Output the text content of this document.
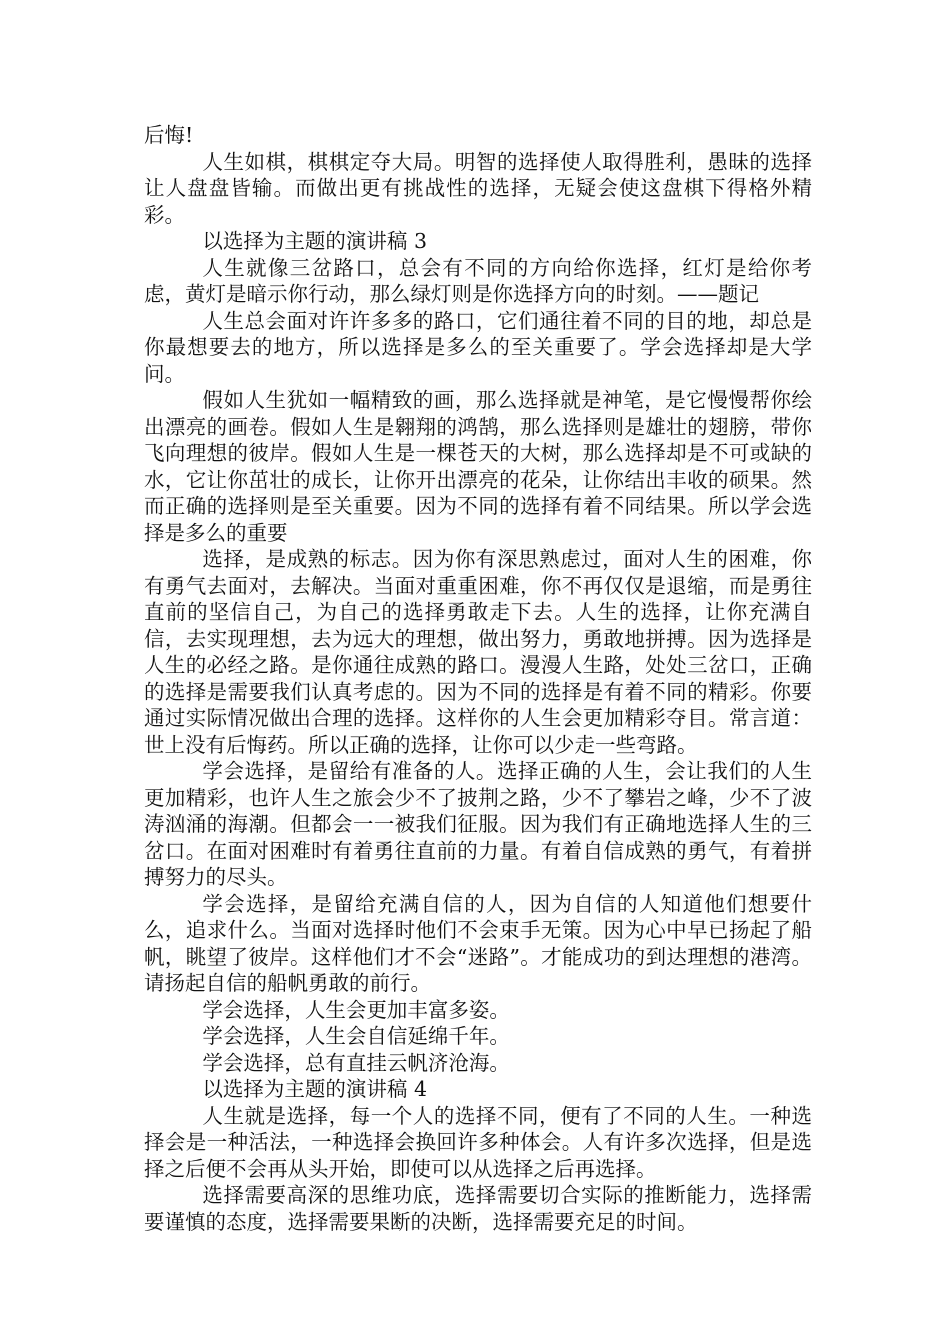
后悔!

人生如棋，棋棋定夺大局。明智的选择使人取得胜利，愚昧的选择让人盘盘皆输。而做出更有挑战性的选择，无疑会使这盘棋下得格外精彩。

以选择为主题的演讲稿 3

人生就像三岔路口，总会有不同的方向给你选择，红灯是给你考虑，黄灯是暗示你行动，那么绿灯则是你选择方向的时刻。——题记

人生总会面对许许多多的路口，它们通往着不同的目的地，却总是你最想要去的地方，所以选择是多么的至关重要了。学会选择却是大学问。

假如人生犹如一幅精致的画，那么选择就是神笔，是它慢慢帮你绘出漂亮的画卷。假如人生是翱翔的鸿鹄，那么选择则是雄壮的翅膀，带你飞向理想的彼岸。假如人生是一棵苍天的大树，那么选择却是不可或缺的水，它让你茁壮的成长，让你开出漂亮的花朵，让你结出丰收的硕果。然而正确的选择则是至关重要。因为不同的选择有着不同结果。所以学会选择是多么的重要

选择，是成熟的标志。因为你有深思熟虑过，面对人生的困难，你有勇气去面对，去解决。当面对重重困难，你不再仅仅是退缩，而是勇往直前的坚信自己，为自己的选择勇敢走下去。人生的选择，让你充满自信，去实现理想，去为远大的理想，做出努力，勇敢地拼搏。因为选择是人生的必经之路。是你通往成熟的路口。漫漫人生路，处处三岔口，正确的选择是需要我们认真考虑的。因为不同的选择是有着不同的精彩。你要通过实际情况做出合理的选择。这样你的人生会更加精彩夺目。常言道：世上没有后悔药。所以正确的选择，让你可以少走一些弯路。

学会选择，是留给有准备的人。选择正确的人生，会让我们的人生更加精彩，也许人生之旅会少不了披荆之路，少不了攀岩之峰，少不了波涛汹涌的海潮。但都会一一被我们征服。因为我们有正确地选择人生的三岔口。在面对困难时有着勇往直前的力量。有着自信成熟的勇气，有着拼搏努力的尽头。

学会选择，是留给充满自信的人，因为自信的人知道他们想要什么，追求什么。当面对选择时他们不会束手无策。因为心中早已扬起了船帆，眺望了彼岸。这样他们才不会“迷路”。才能成功的到达理想的港湾。请扬起自信的船帆勇敢的前行。

学会选择，人生会更加丰富多姿。

学会选择，人生会自信延绵千年。

学会选择，总有直挂云帆济沧海。

以选择为主题的演讲稿 4

人生就是选择，每一个人的选择不同，便有了不同的人生。一种选择会是一种活法，一种选择会换回许多种体会。人有许多次选择，但是选择之后便不会再从头开始，即使可以从选择之后再选择。

选择需要高深的思维功底，选择需要切合实际的推断能力，选择需要谨慎的态度，选择需要果断的决断，选择需要充足的时间。
